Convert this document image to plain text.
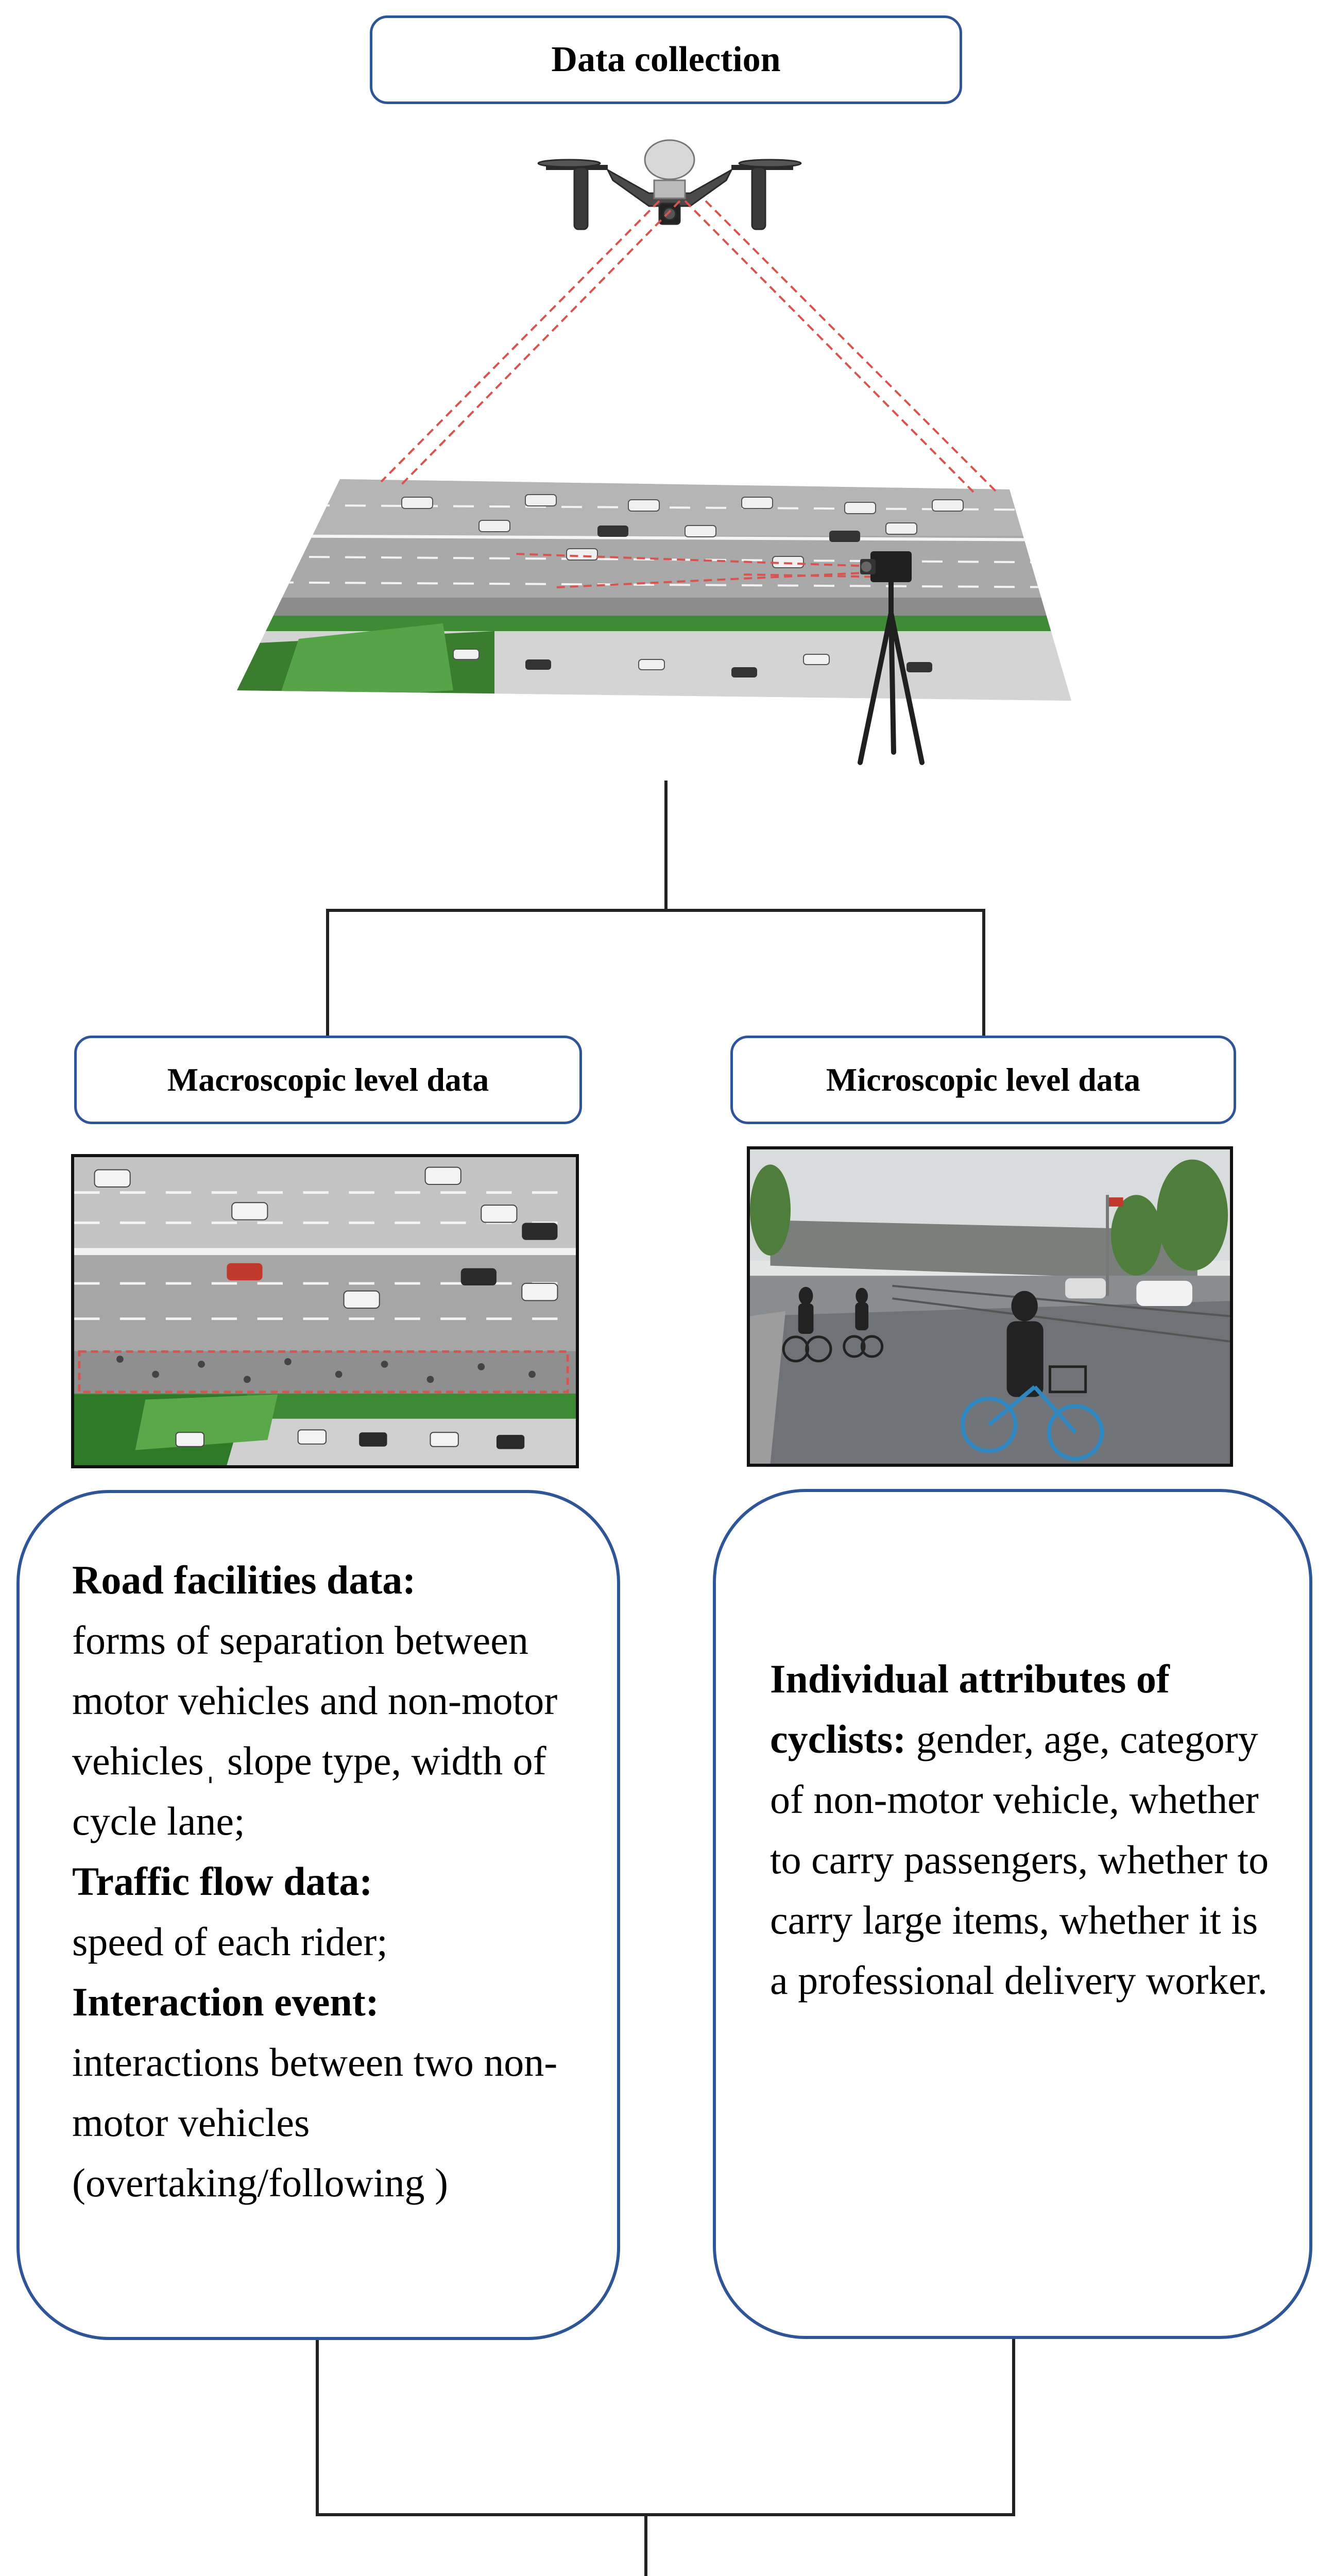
Data collection
Macroscopic level data	Microscopic level data
Road facilities data:
forms of separation between motor vehicles and non-motor vehiclesˌ slope type, width of cycle lane;
Traffic flow data:
speed of each rider;
Interaction event:
interactions between two non-motor vehicles (overtaking/following )
Individual attributes of cyclists: gender, age, category of non-motor vehicle, whether to carry passengers, whether to carry large items, whether it is a professional delivery worker.
